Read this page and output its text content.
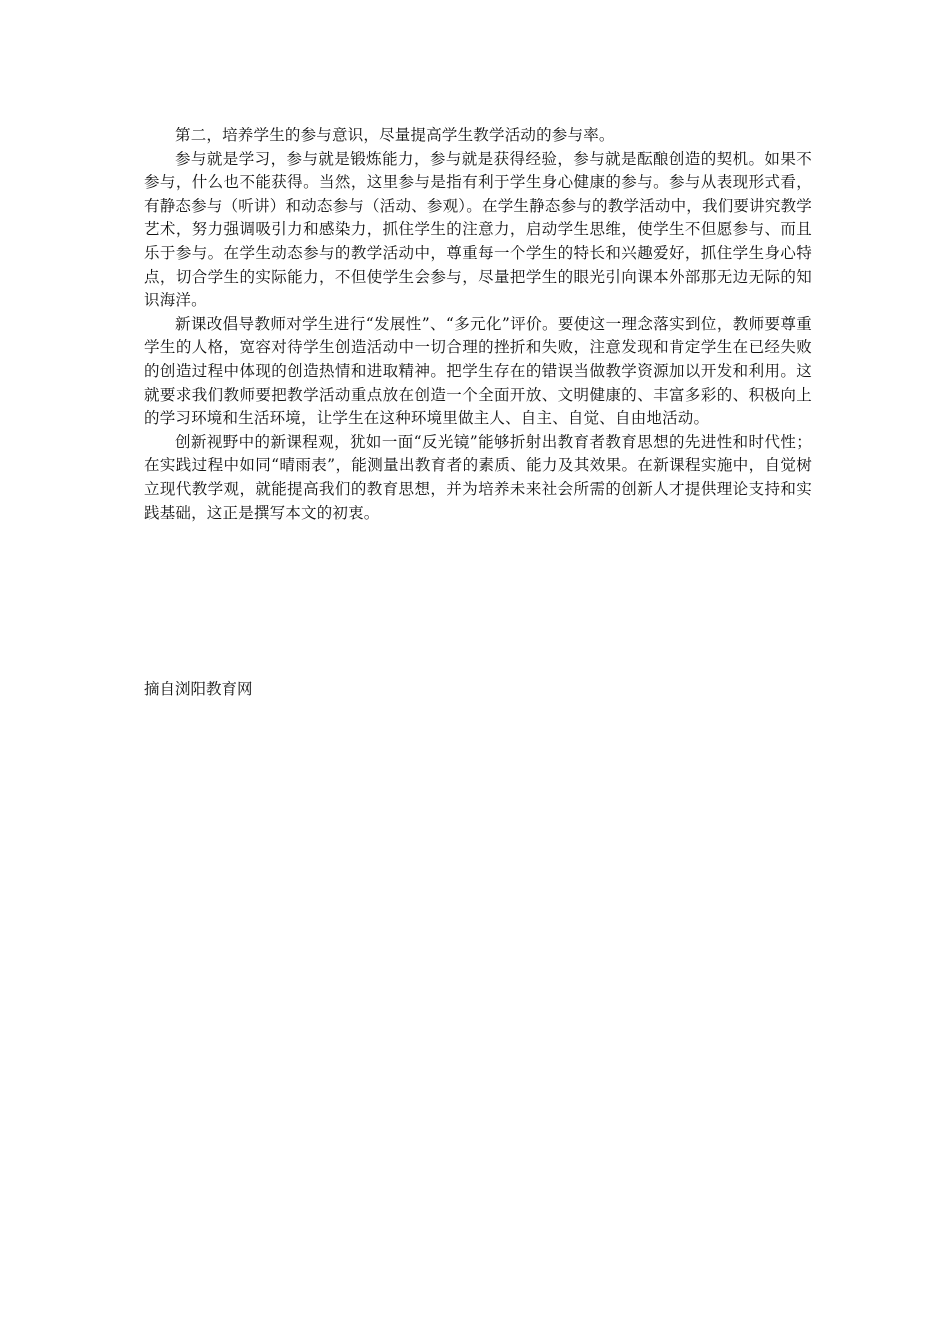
第二，培养学生的参与意识，尽量提高学生教学活动的参与率。

参与就是学习，参与就是锻炼能力，参与就是获得经验，参与就是酝酿创造的契机。如果不参与，什么也不能获得。当然，这里参与是指有利于学生身心健康的参与。参与从表现形式看，有静态参与（听讲）和动态参与（活动、参观）。在学生静态参与的教学活动中，我们要讲究教学艺术，努力强调吸引力和感染力，抓住学生的注意力，启动学生思维，使学生不但愿参与、而且乐于参与。在学生动态参与的教学活动中，尊重每一个学生的特长和兴趣爱好，抓住学生身心特点，切合学生的实际能力，不但使学生会参与，尽量把学生的眼光引向课本外部那无边无际的知识海洋。

新课改倡导教师对学生进行“发展性”、“多元化”评价。要使这一理念落实到位，教师要尊重学生的人格，宽容对待学生创造活动中一切合理的挫折和失败，注意发现和肯定学生在已经失败的创造过程中体现的创造热情和进取精神。把学生存在的错误当做教学资源加以开发和利用。这就要求我们教师要把教学活动重点放在创造一个全面开放、文明健康的、丰富多彩的、积极向上的学习环境和生活环境，让学生在这种环境里做主人、自主、自觉、自由地活动。

创新视野中的新课程观，犹如一面“反光镜”能够折射出教育者教育思想的先进性和时代性；在实践过程中如同“晴雨表”，能测量出教育者的素质、能力及其效果。在新课程实施中，自觉树立现代教学观，就能提高我们的教育思想，并为培养未来社会所需的创新人才提供理论支持和实践基础，这正是撰写本文的初衷。

摘自浏阳教育网
